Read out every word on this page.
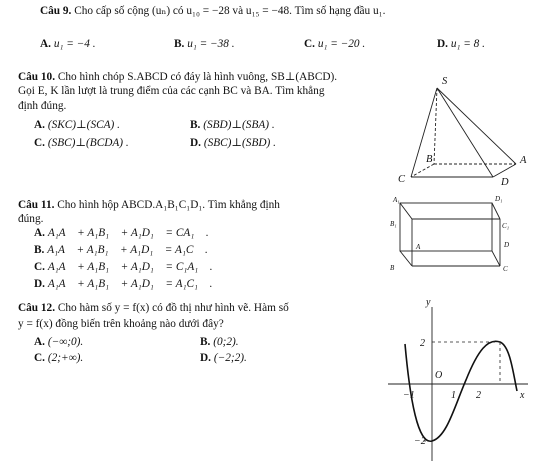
Câu 9. Cho cấp số cộng (uₙ) có u₁₀ = −28 và u₁₅ = −48. Tìm số hạng đầu u₁.
A. u₁ = −4 .	B. u₁ = −38 .	C. u₁ = −20 .	D. u₁ = 8 .
Câu 10. Cho hình chóp S.ABCD có đáy là hình vuông, SB⊥(ABCD).
Gọi E, K lần lượt là trung điểm của các cạnh BC và BA. Tìm khẳng
định đúng.
A. (SKC)⊥(SCA) .	B. (SBD)⊥(SBA) .
C. (SBC)⊥(BCDA) .	D. (SBC)⊥(SBD) .
S
A
B
C	D
A₁	D₁
B₁	C₁
A	D
B	C
y
x
O
2
−1	1 2
−2
Câu 11. Cho hình hộp ABCD.A₁B₁C₁D₁. Tìm khẳng định
đúng.
A. A₁A⃗ + A₁B₁⃗ + A₁D₁⃗ = CA₁⃗ .
B. A₁A⃗ + A₁B₁⃗ + A₁D₁⃗ = A₁C⃗ .
C. A₁A⃗ + A₁B₁⃗ + A₁D₁⃗ = C₁A₁⃗ .
D. A₁A⃗ + A₁B₁⃗ + A₁D₁⃗ = A₁C₁⃗ .
Câu 12. Cho hàm số y = f(x) có đồ thị như hình vẽ. Hàm số
y = f(x) đồng biến trên khoảng nào dưới đây?
A. (−∞;0).	B. (0;2).
C. (2;+∞).	D. (−2;2).
